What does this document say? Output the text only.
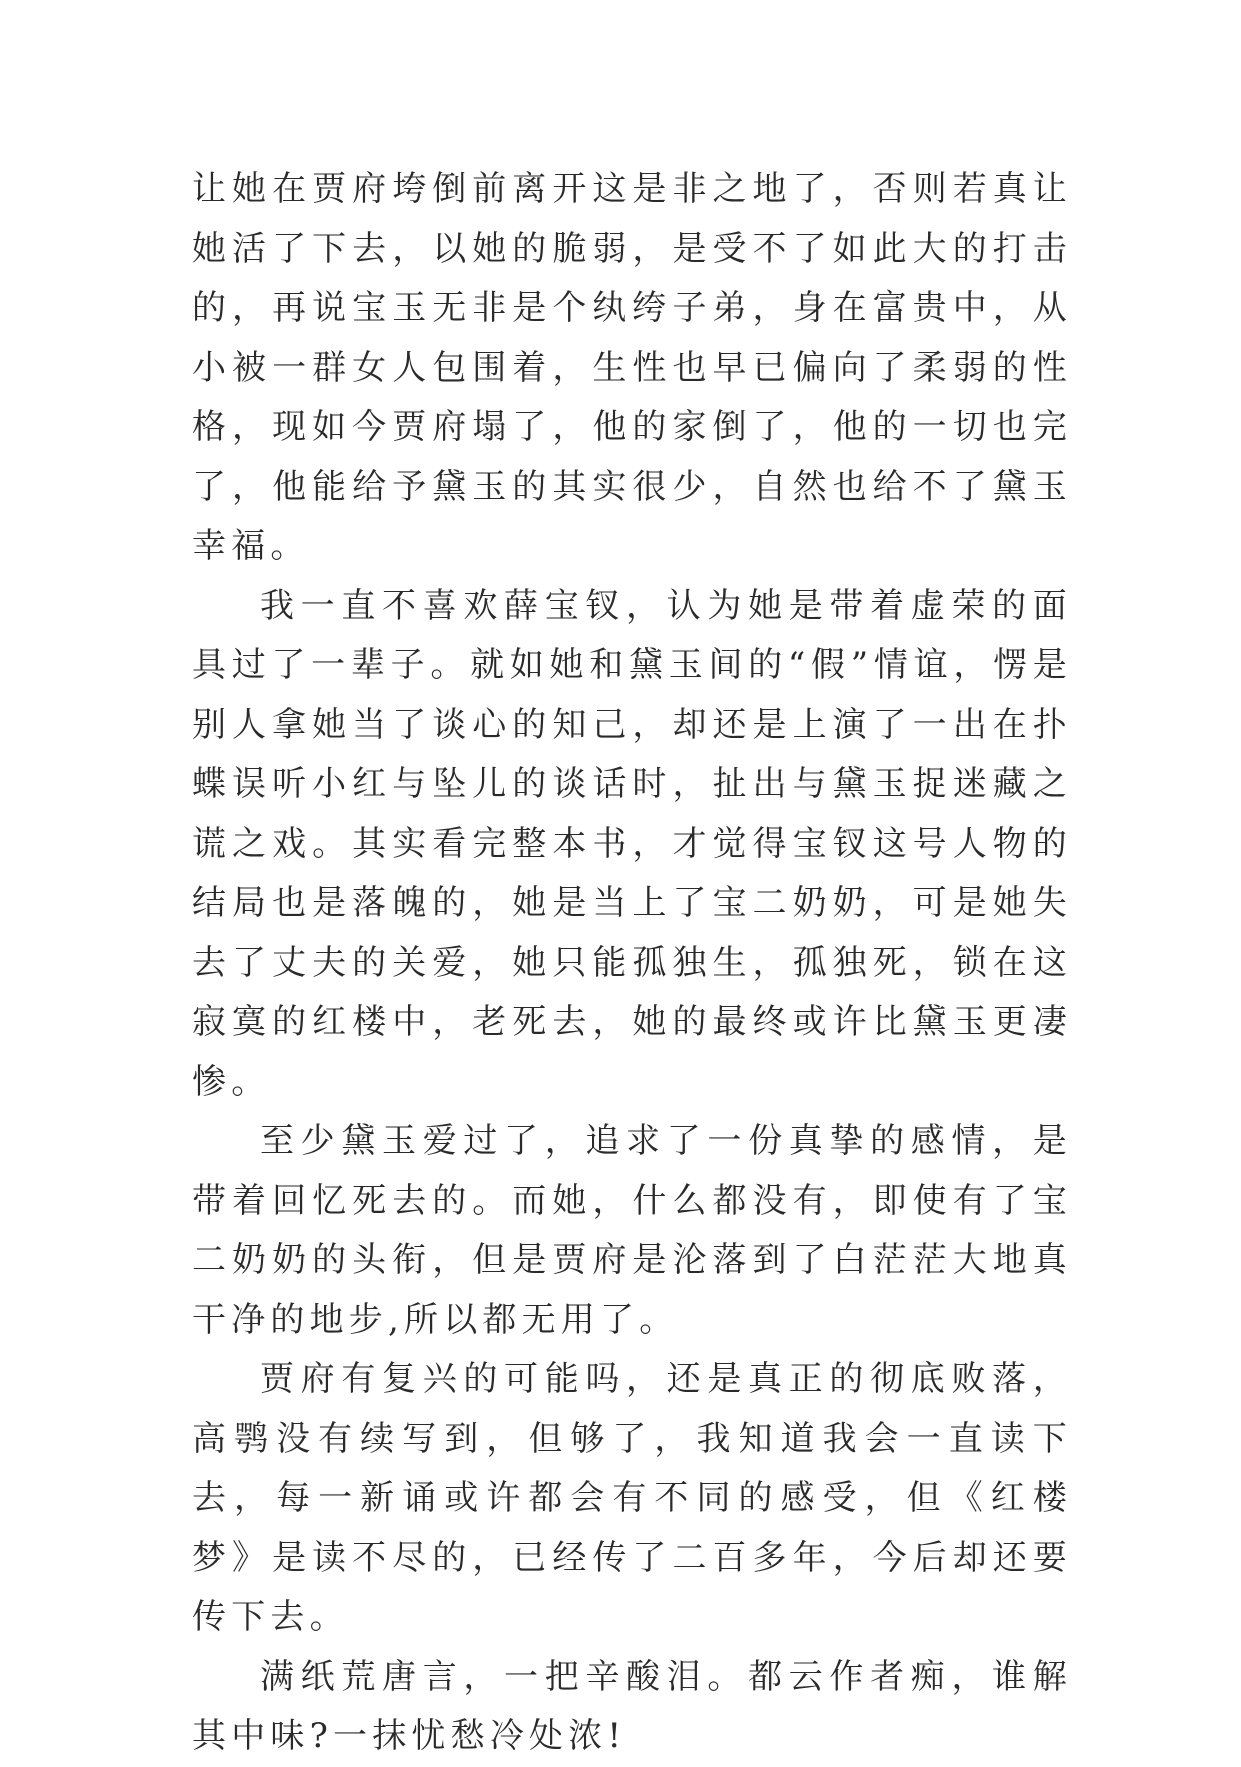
让她在贾府垮倒前离开这是非之地了，否则若真让她活了下去，以她的脆弱，是受不了如此大的打击的，再说宝玉无非是个纨绔子弟，身在富贵中，从小被一群女人包围着，生性也早已偏向了柔弱的性格，现如今贾府塌了，他的家倒了，他的一切也完了，他能给予黛玉的其实很少，自然也给不了黛玉幸福。

我一直不喜欢薛宝钗，认为她是带着虚荣的面具过了一辈子。就如她和黛玉间的“假”情谊，愣是别人拿她当了谈心的知己，却还是上演了一出在扑蝶误听小红与坠儿的谈话时，扯出与黛玉捉迷藏之谎之戏。其实看完整本书，才觉得宝钗这号人物的结局也是落魄的，她是当上了宝二奶奶，可是她失去了丈夫的关爱，她只能孤独生，孤独死，锁在这寂寞的红楼中，老死去，她的最终或许比黛玉更凄惨。

至少黛玉爱过了，追求了一份真挚的感情，是带着回忆死去的。而她，什么都没有，即使有了宝二奶奶的头衔，但是贾府是沦落到了白茫茫大地真干净的地步,所以都无用了。

贾府有复兴的可能吗，还是真正的彻底败落，高鹗没有续写到，但够了，我知道我会一直读下去，每一新诵或许都会有不同的感受，但《红楼梦》是读不尽的，已经传了二百多年，今后却还要传下去。

满纸荒唐言，一把辛酸泪。都云作者痴，谁解其中味?一抹忧愁冷处浓!
